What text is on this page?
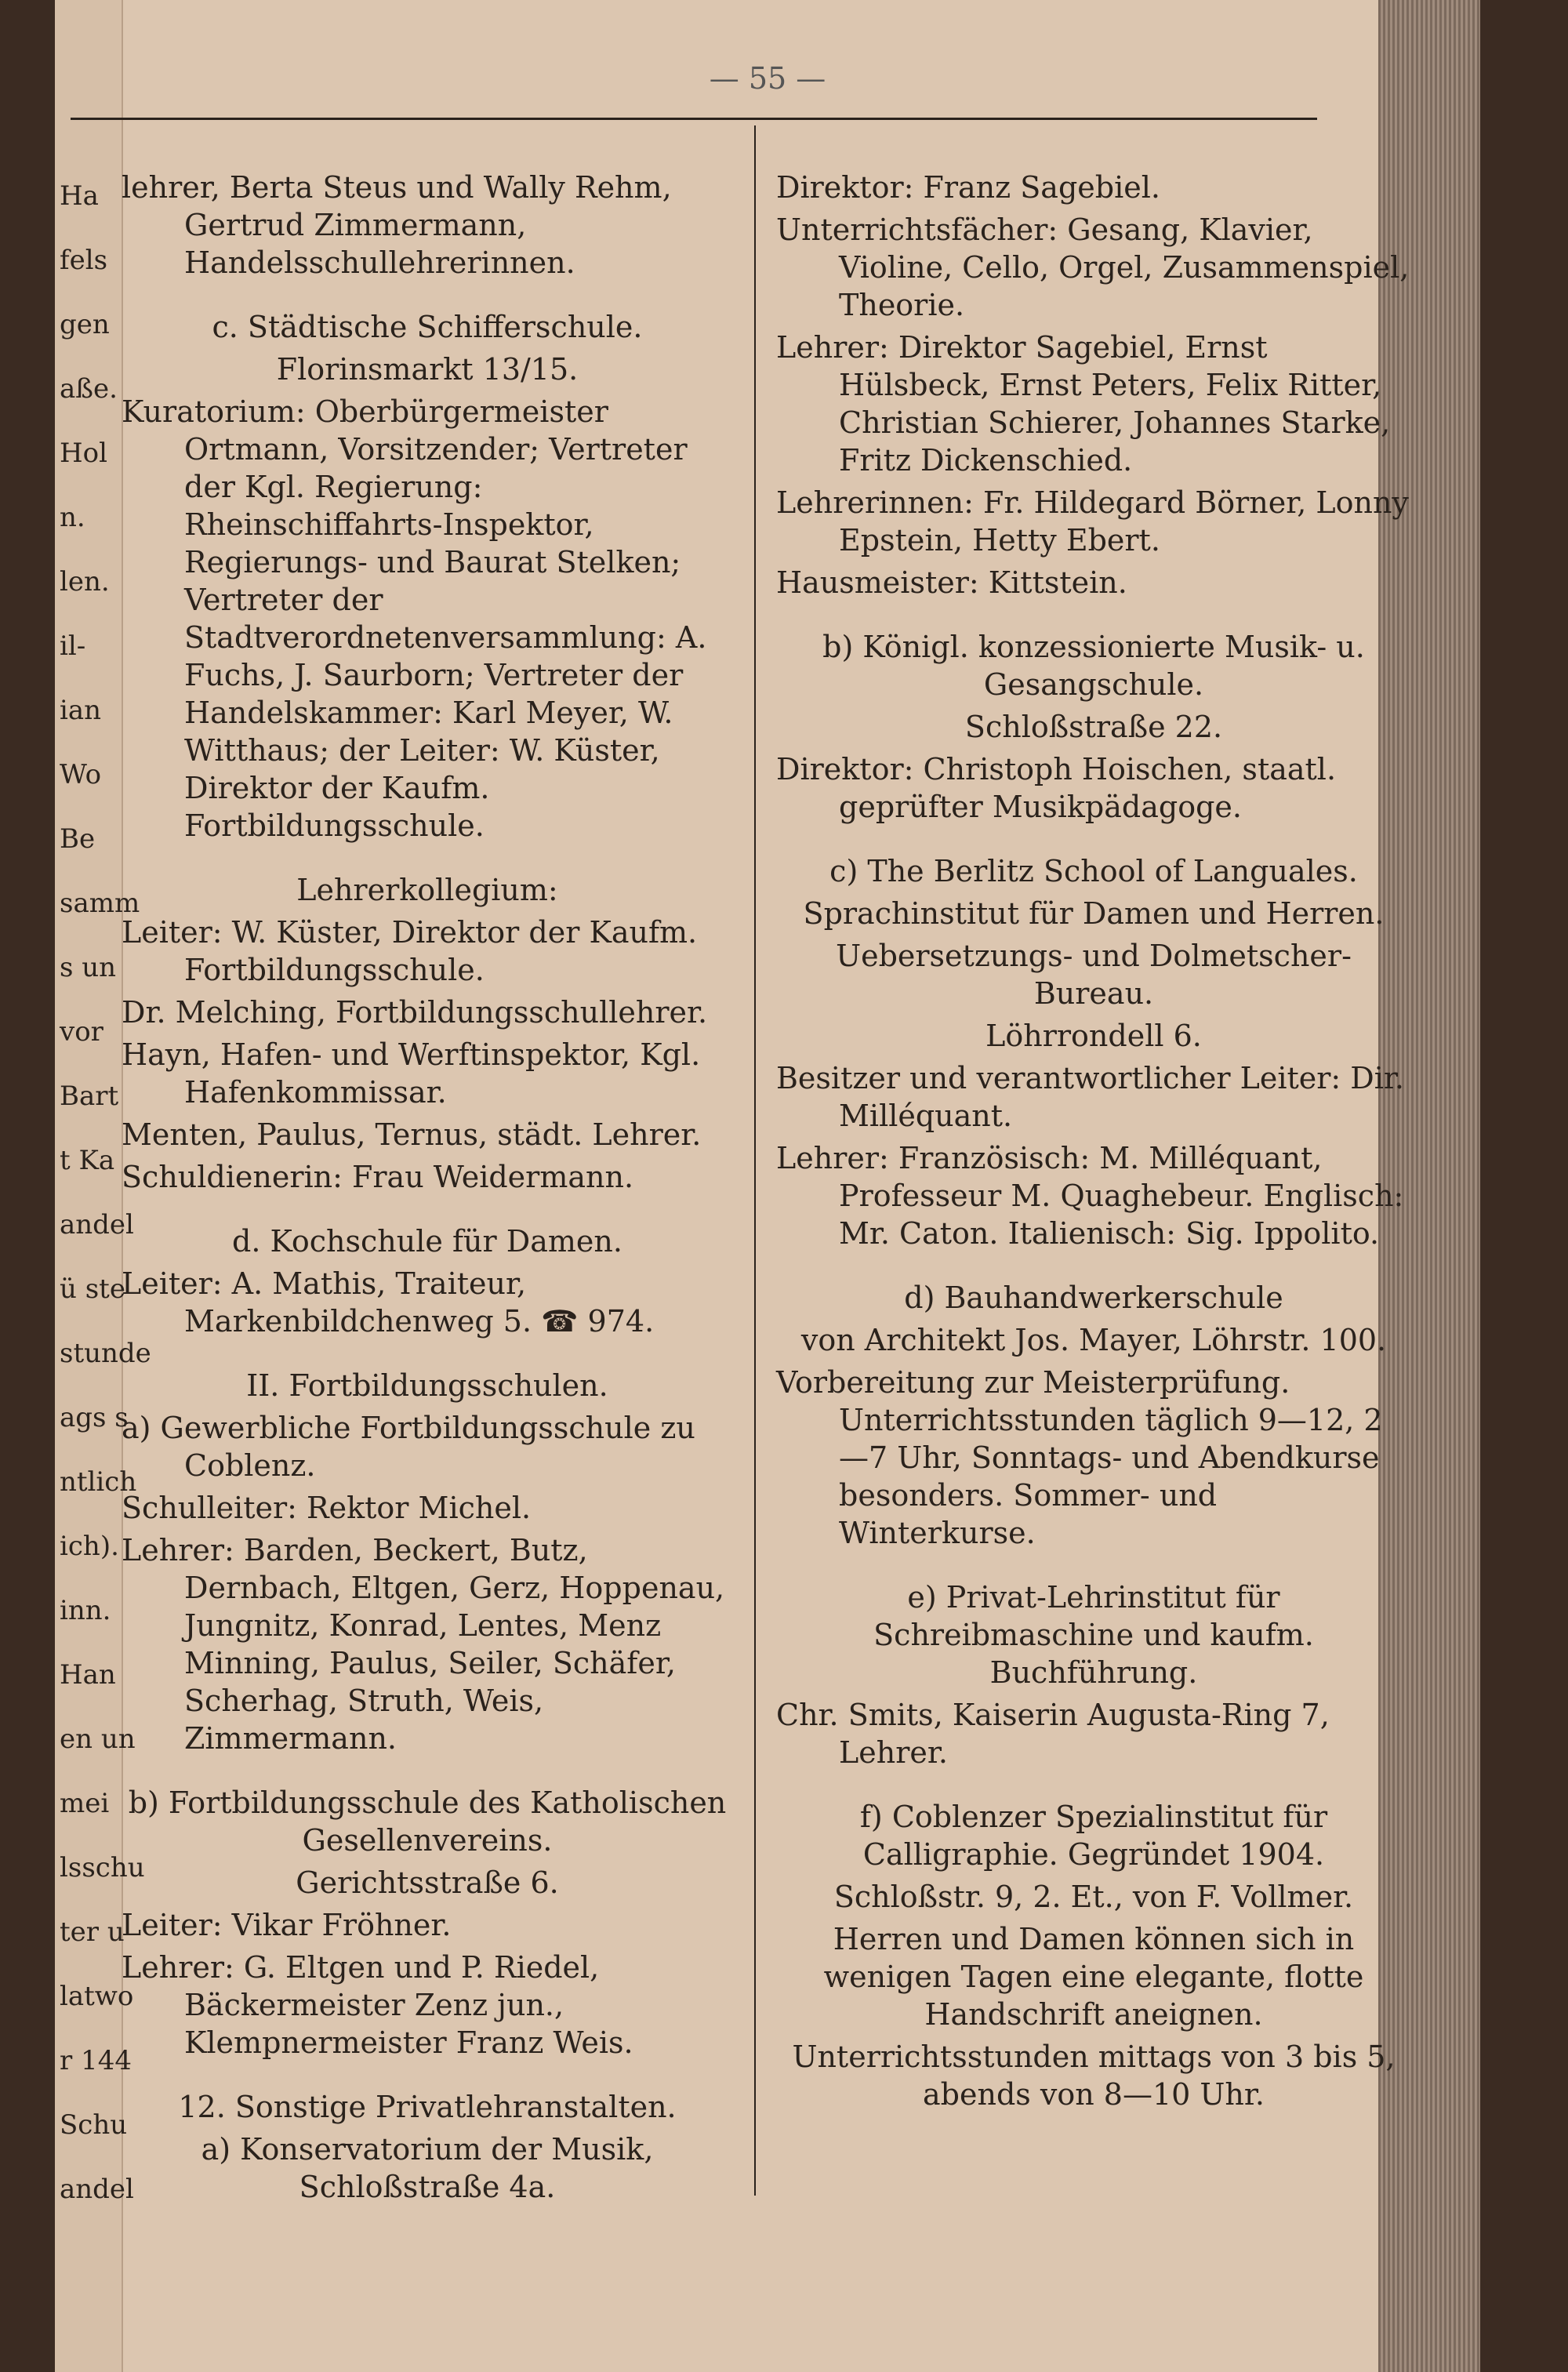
Ha
fels
gen
aße.
Hol
n.
len.
il-
ian
Wo
Be
samm
s un
vor
Bart
t Ka
andel
ü ste
stunde
ags s
ntlich
ich).
inn.
Han
en un
mei
lsschu
ter u
latwo
r 144
Schu
andel
— 55 —

lehrer, Berta Steus und Wally Rehm, Gertrud Zimmermann, Handelsschullehrerinnen.

c. Städtische Schifferschule.

Florinsmarkt 13/15.

Kuratorium: Oberbürgermeister Ortmann, Vorsitzender; Vertreter der Kgl. Regierung: Rheinschiffahrts-Inspektor, Regierungs- und Baurat Stelken; Vertreter der Stadtverordnetenversammlung: A. Fuchs, J. Saurborn; Vertreter der Handelskammer: Karl Meyer, W. Witthaus; der Leiter: W. Küster, Direktor der Kaufm. Fortbildungsschule.

Lehrerkollegium:

Leiter: W. Küster, Direktor der Kaufm. Fortbildungsschule.

Dr. Melching, Fortbildungsschullehrer.

Hayn, Hafen- und Werftinspektor, Kgl. Hafenkommissar.

Menten, Paulus, Ternus, städt. Lehrer.

Schuldienerin: Frau Weidermann.

d. Kochschule für Damen.

Leiter: A. Mathis, Traiteur, Markenbildchenweg 5. ☎ 974.

II. Fortbildungsschulen.

a) Gewerbliche Fortbildungsschule zu Coblenz.

Schulleiter: Rektor Michel.

Lehrer: Barden, Beckert, Butz, Dernbach, Eltgen, Gerz, Hoppenau, Jungnitz, Konrad, Lentes, Menz Minning, Paulus, Seiler, Schäfer, Scherhag, Struth, Weis, Zimmermann.

b) Fortbildungsschule des Katholischen Gesellenvereins.

Gerichtsstraße 6.

Leiter: Vikar Fröhner.

Lehrer: G. Eltgen und P. Riedel, Bäckermeister Zenz jun., Klempnermeister Franz Weis.

12. Sonstige Privatlehranstalten.

a) Konservatorium der Musik, Schloßstraße 4a.

Direktor: Franz Sagebiel.

Unterrichtsfächer: Gesang, Klavier, Violine, Cello, Orgel, Zusammenspiel, Theorie.

Lehrer: Direktor Sagebiel, Ernst Hülsbeck, Ernst Peters, Felix Ritter, Christian Schierer, Johannes Starke, Fritz Dickenschied.

Lehrerinnen: Fr. Hildegard Börner, Lonny Epstein, Hetty Ebert.

Hausmeister: Kittstein.

b) Königl. konzessionierte Musik- u. Gesangschule.

Schloßstraße 22.

Direktor: Christoph Hoischen, staatl. geprüfter Musikpädagoge.

c) The Berlitz School of Languales.

Sprachinstitut für Damen und Herren.

Uebersetzungs- und Dolmetscher-Bureau.

Löhrrondell 6.

Besitzer und verantwortlicher Leiter: Dir. Milléquant.

Lehrer: Französisch: M. Milléquant, Professeur M. Quaghebeur. Englisch: Mr. Caton. Italienisch: Sig. Ippolito.

d) Bauhandwerkerschule

von Architekt Jos. Mayer, Löhrstr. 100.

Vorbereitung zur Meisterprüfung. Unterrichtsstunden täglich 9—12, 2—7 Uhr, Sonntags- und Abendkurse besonders. Sommer- und Winterkurse.

e) Privat-Lehrinstitut für Schreibmaschine und kaufm. Buchführung.

Chr. Smits, Kaiserin Augusta-Ring 7, Lehrer.

f) Coblenzer Spezialinstitut für Calligraphie. Gegründet 1904.

Schloßstr. 9, 2. Et., von F. Vollmer.

Herren und Damen können sich in wenigen Tagen eine elegante, flotte Handschrift aneignen.

Unterrichtsstunden mittags von 3 bis 5, abends von 8—10 Uhr.
